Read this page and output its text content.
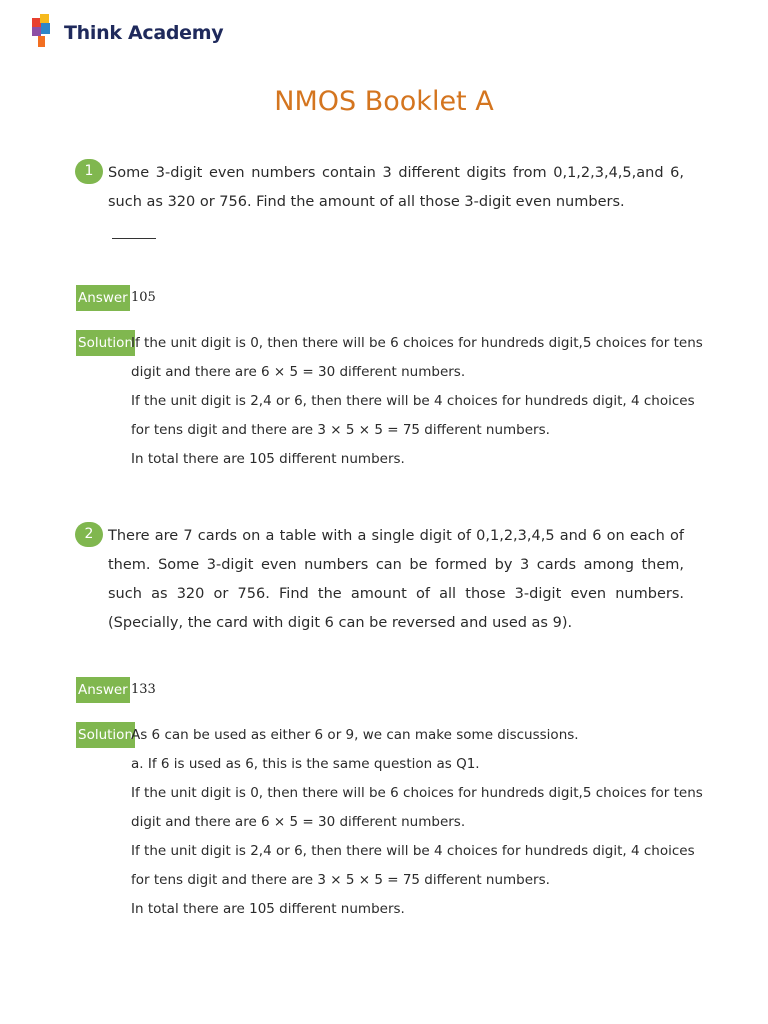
Think Academy
NMOS Booklet A
1	Some 3-digit even numbers contain 3 different digits from 0,1,2,3,4,5,and 6, such as 320 or 756. Find the amount of all those 3-digit even numbers.
Answer 105
Solution
If the unit digit is 0, then there will be 6 choices for hundreds digit,5 choices for tens
digit and there are 6 × 5 = 30 different numbers.
If the unit digit is 2,4 or 6, then there will be 4 choices for hundreds digit, 4 choices
for tens digit and there are 3 × 5 × 5 = 75 different numbers.
In total there are 105 different numbers.
2	There are 7 cards on a table with a single digit of 0,1,2,3,4,5 and 6 on each of them. Some 3-digit even numbers can be formed by 3 cards among them, such as 320 or 756. Find the amount of all those 3-digit even numbers. (Specially, the card with digit 6 can be reversed and used as 9).
Answer 133
Solution
As 6 can be used as either 6 or 9, we can make some discussions.
a. If 6 is used as 6, this is the same question as Q1.
If the unit digit is 0, then there will be 6 choices for hundreds digit,5 choices for tens
digit and there are 6 × 5 = 30 different numbers.
If the unit digit is 2,4 or 6, then there will be 4 choices for hundreds digit, 4 choices
for tens digit and there are 3 × 5 × 5 = 75 different numbers.
In total there are 105 different numbers.
